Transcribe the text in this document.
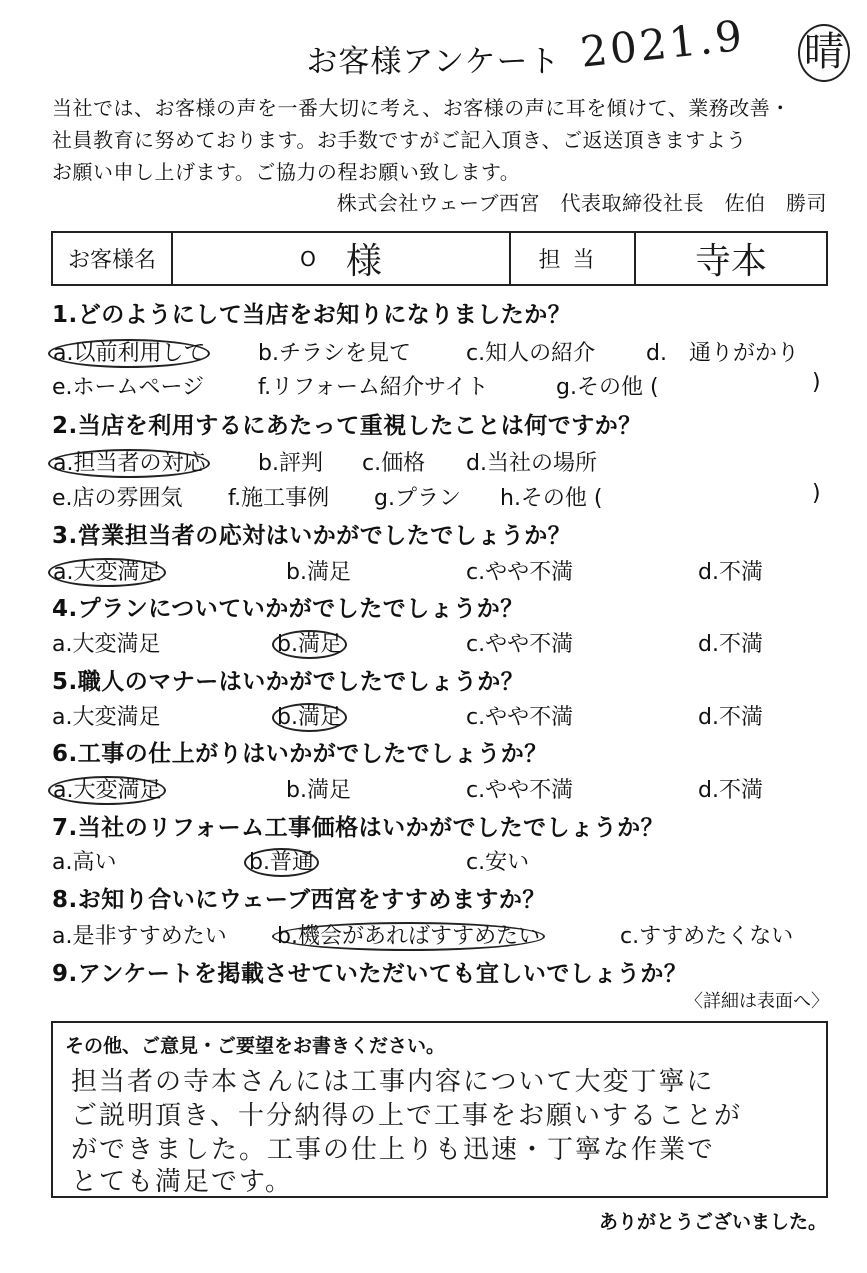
お客様アンケート 2021.9 晴
当社では、お客様の声を一番大切に考え、お客様の声に耳を傾けて、業務改善・
社員教育に努めております。お手数ですがご記入頂き、ご返送頂きますよう
お願い申し上げます。ご協力の程お願い致します。
株式会社ウェーブ西宮　代表取締役社長　佐伯　勝司
お客様名	O 様	担当	寺本
1.どのようにして当店をお知りになりましたか？
a.以前利用して b.チラシを見て	c.知人の紹介 d.　通りがかり
e.ホームページ f.リフォーム紹介サイト	g.その他 (	)
2.当店を利用するにあたって重視したことは何ですか？
a.担当者の対応 b.評判 c.価格 d.当社の場所
e.店の雰囲気 f.施工事例 g.プラン h.その他 (	)
3.営業担当者の応対はいかがでしたでしょうか？
a.大変満足	b.満足	c.やや不満	d.不満
4.プランについていかがでしたでしょうか？
a.大変満足	b.満足	c.やや不満	d.不満
5.職人のマナーはいかがでしたでしょうか？
a.大変満足	b.満足	c.やや不満	d.不満
6.工事の仕上がりはいかがでしたでしょうか？
a.大変満足	b.満足	c.やや不満	d.不満
7.当社のリフォーム工事価格はいかがでしたでしょうか？
a.高い	b.普通	c.安い
8.お知り合いにウェーブ西宮をすすめますか？
a.是非すすめたい b.機会があればすすめたい	c.すすめたくない
9.アンケートを掲載させていただいても宜しいでしょうか？
〈詳細は表面へ〉
その他、ご意見・ご要望をお書きください。
担当者の寺本さんには工事内容について大変丁寧に
ご説明頂き、十分納得の上で工事をお願いすることが
ができました。工事の仕上りも迅速・丁寧な作業で
とても満足です。
ありがとうございました。
